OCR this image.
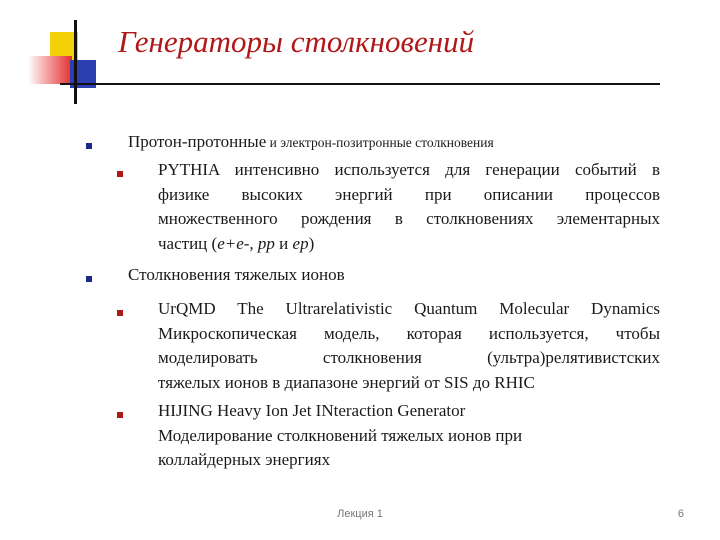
Генераторы столкновений
Протон-протонные и электрон-позитронные столкновения
PYTHIA интенсивно используется для генерации событий в
физике высоких энергий при описании процессов
множественного рождения в столкновениях элементарных
частиц (e+e-, pp и ep)
Столкновения тяжелых ионов
UrQMD The Ultrarelativistic Quantum Molecular Dynamics
Микроскопическая модель, которая используется, чтобы
моделировать столкновения (ультра)релятивистских
тяжелых ионов в диапазоне энергий от SIS до RHIC
HIJING Heavy Ion Jet INteraction Generator
Моделирование столкновений тяжелых ионов при
коллайдерных энергиях
Лекция 1	6
